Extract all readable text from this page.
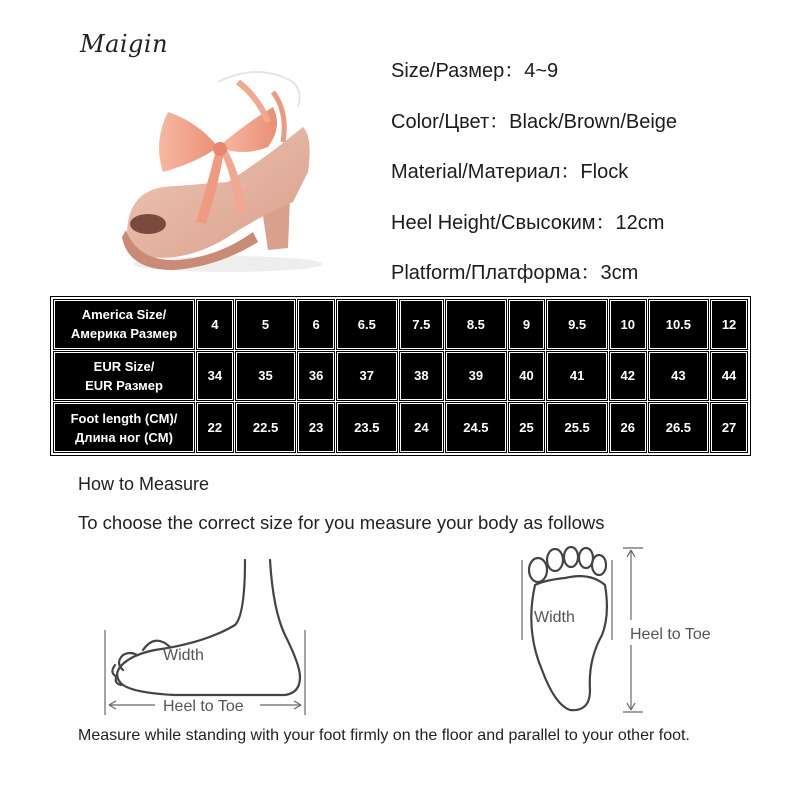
Maigin
Size/Размер：4~9
Color/Цвет：Black/Brown/Beige
Material/Материал：Flock
Heel Height/Свысоким：12cm
Platform/Платформа：3cm
America Size/
Америка Размер	4	5	6	6.5	7.5	8.5	9	9.5	10	10.5	12

EUR Size/
EUR Размер	34	35	36	37	38	39	40	41	42	43	44

Foot length (CM)/
Длина ног (CM)	22	22.5	23	23.5	24	24.5	25	25.5	26	26.5	27
How to Measure
To choose the correct size for you measure your body as follows
Width
Heel to Toe
Width
Heel to Toe
Measure while standing with your foot firmly on the floor and parallel to your other foot.
